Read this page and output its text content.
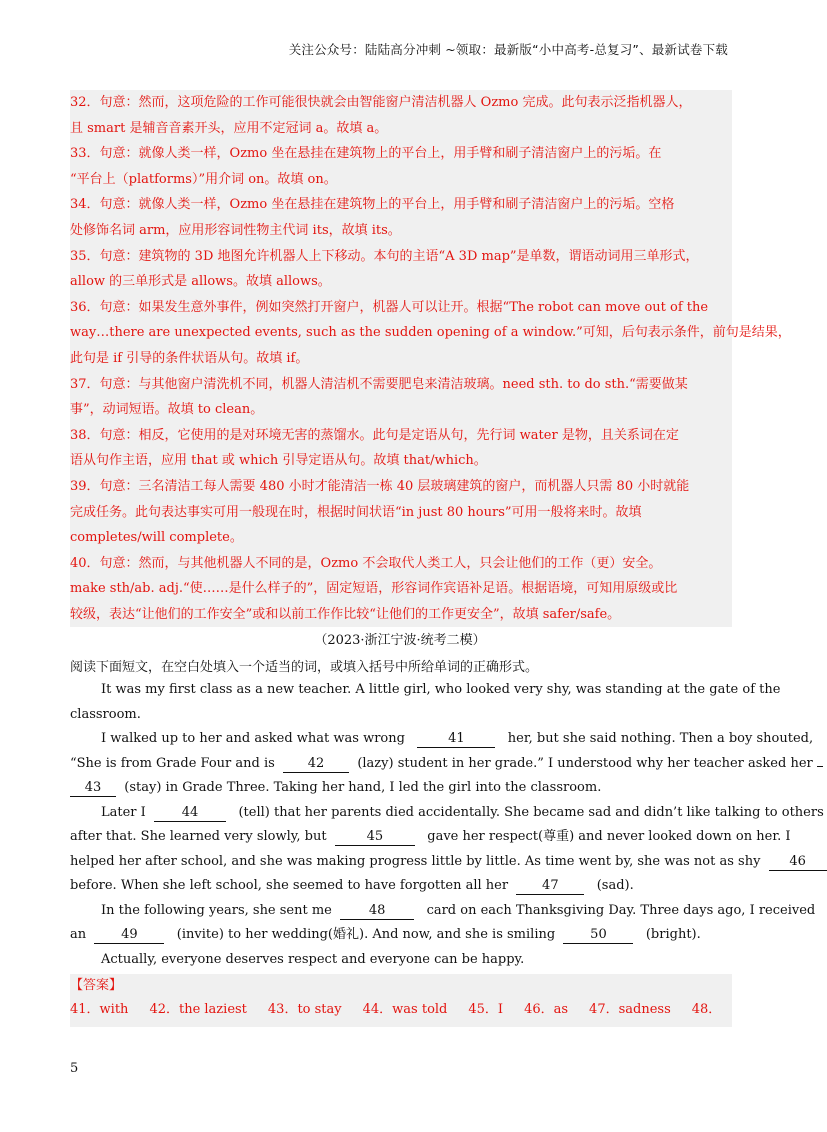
关注公众号：陆陆高分冲刺 ~领取：最新版“小中高考-总复习”、最新试卷下载
32．句意：然而，这项危险的工作可能很快就会由智能窗户清洁机器人 Ozmo 完成。此句表示泛指机器人，
且 smart 是辅音音素开头，应用不定冠词 a。故填 a。
33．句意：就像人类一样，Ozmo 坐在悬挂在建筑物上的平台上，用手臂和刷子清洁窗户上的污垢。在
“平台上（platforms）”用介词 on。故填 on。
34．句意：就像人类一样，Ozmo 坐在悬挂在建筑物上的平台上，用手臂和刷子清洁窗户上的污垢。空格
处修饰名词 arm，应用形容词性物主代词 its，故填 its。
35．句意：建筑物的 3D 地图允许机器人上下移动。本句的主语“A 3D map”是单数，谓语动词用三单形式，
allow 的三单形式是 allows。故填 allows。
36．句意：如果发生意外事件，例如突然打开窗户，机器人可以让开。根据“The robot can move out of the
way…there are unexpected events, such as the sudden opening of a window.”可知，后句表示条件，前句是结果，
此句是 if 引导的条件状语从句。故填 if。
37．句意：与其他窗户清洗机不同，机器人清洁机不需要肥皂来清洁玻璃。need sth. to do sth.“需要做某
事”，动词短语。故填 to clean。
38．句意：相反，它使用的是对环境无害的蒸馏水。此句是定语从句，先行词 water 是物，且关系词在定
语从句作主语，应用 that 或 which 引导定语从句。故填 that/which。
39．句意：三名清洁工每人需要 480 小时才能清洁一栋 40 层玻璃建筑的窗户，而机器人只需 80 小时就能
完成任务。此句表达事实可用一般现在时，根据时间状语“in just 80 hours”可用一般将来时。故填
completes/will complete。
40．句意：然而，与其他机器人不同的是，Ozmo 不会取代人类工人，只会让他们的工作（更）安全。
make sth/ab. adj.“使……是什么样子的”，固定短语，形容词作宾语补足语。根据语境，可知用原级或比
较级，表达“让他们的工作安全”或和以前工作作比较“让他们的工作更安全”，故填 safer/safe。
（2023·浙江宁波·统考二模）
阅读下面短文，在空白处填入一个适当的词，或填入括号中所给单词的正确形式。
It was my first class as a new teacher. A little girl, who looked very shy, was standing at the gate of the
classroom.
I walked up to her and asked what was wrong	41	her, but she said nothing. Then a boy shouted,
“She is from Grade Four and is	42	(lazy) student in her grade.” I understood why her teacher asked her
43 (stay) in Grade Three. Taking her hand, I led the girl into the classroom.
Later I	44	(tell) that her parents died accidentally. She became sad and didn’t like talking to others
after that. She learned very slowly, but	45	gave her respect(尊重) and never looked down on her. I
helped her after school, and she was making progress little by little. As time went by, she was not as shy 46
before. When she left school, she seemed to have forgotten all her	47	(sad).
In the following years, she sent me	48	card on each Thanksgiving Day. Three days ago, I received
an	49	(invite) to her wedding(婚礼). And now, and she is smiling	50	(bright).
Actually, everyone deserves respect and everyone can be happy.
【答案】
41．with 42．the laziest 43．to stay 44．was told 45．I 46．as 47．sadness 48．
5
